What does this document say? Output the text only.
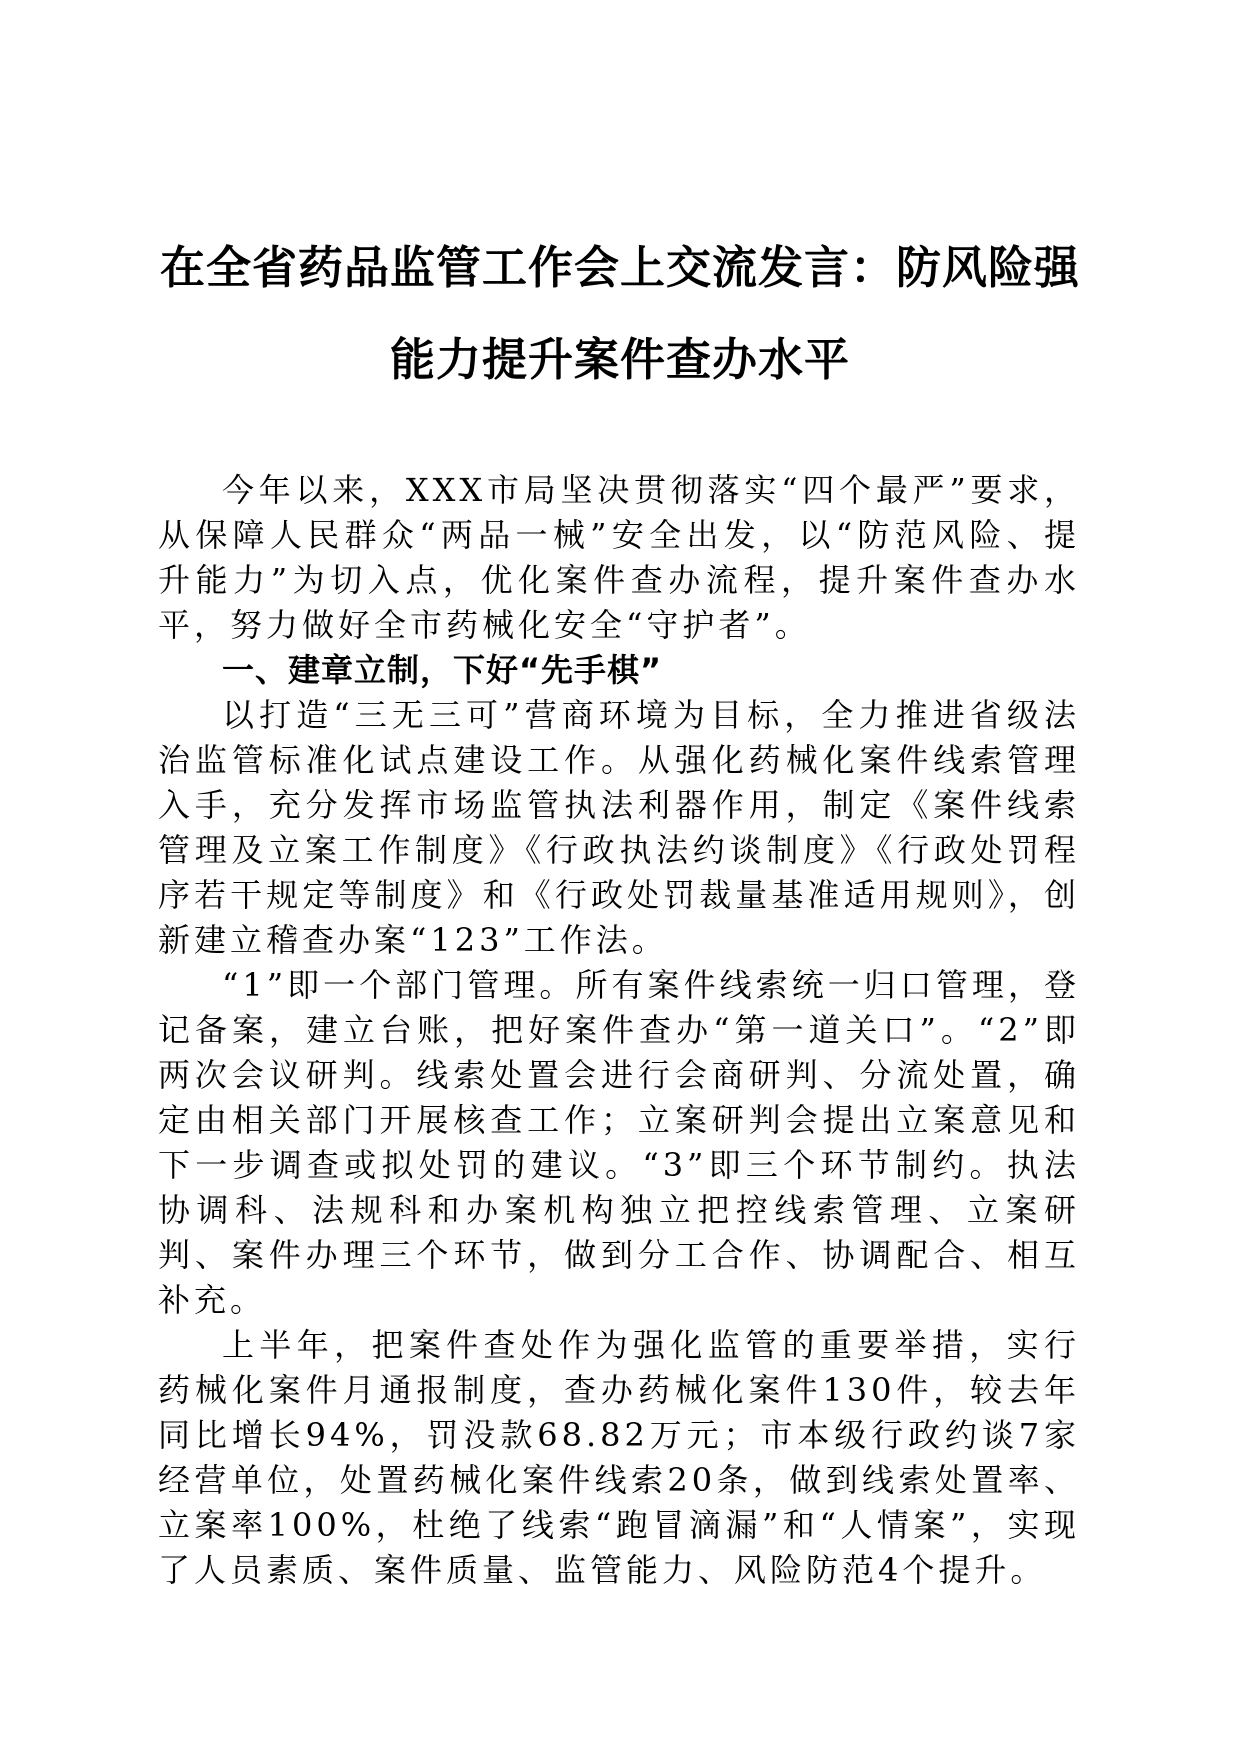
在全省药品监管工作会上交流发言：防风险强
能力提升案件查办水平

今年以来，XXX市局坚决贯彻落实“四个最严”要求，从保障人民群众“两品一械”安全出发，以“防范风险、提升能力”为切入点，优化案件查办流程，提升案件查办水平，努力做好全市药械化安全“守护者”。

一、建章立制，下好“先手棋”

以打造“三无三可”营商环境为目标，全力推进省级法治监管标准化试点建设工作。从强化药械化案件线索管理入手，充分发挥市场监管执法利器作用，制定《案件线索管理及立案工作制度》《行政执法约谈制度》《行政处罚程序若干规定等制度》和《行政处罚裁量基准适用规则》，创新建立稽查办案“123”工作法。

“1”即一个部门管理。所有案件线索统一归口管理，登记备案，建立台账，把好案件查办“第一道关口”。“2”即两次会议研判。线索处置会进行会商研判、分流处置，确定由相关部门开展核查工作；立案研判会提出立案意见和下一步调查或拟处罚的建议。“3”即三个环节制约。执法协调科、法规科和办案机构独立把控线索管理、立案研判、案件办理三个环节，做到分工合作、协调配合、相互补充。

上半年，把案件查处作为强化监管的重要举措，实行药械化案件月通报制度，查办药械化案件130件，较去年同比增长94%，罚没款68.82万元；市本级行政约谈7家经营单位，处置药械化案件线索20条，做到线索处置率、立案率100%，杜绝了线索“跑冒滴漏”和“人情案”，实现了人员素质、案件质量、监管能力、风险防范4个提升。
